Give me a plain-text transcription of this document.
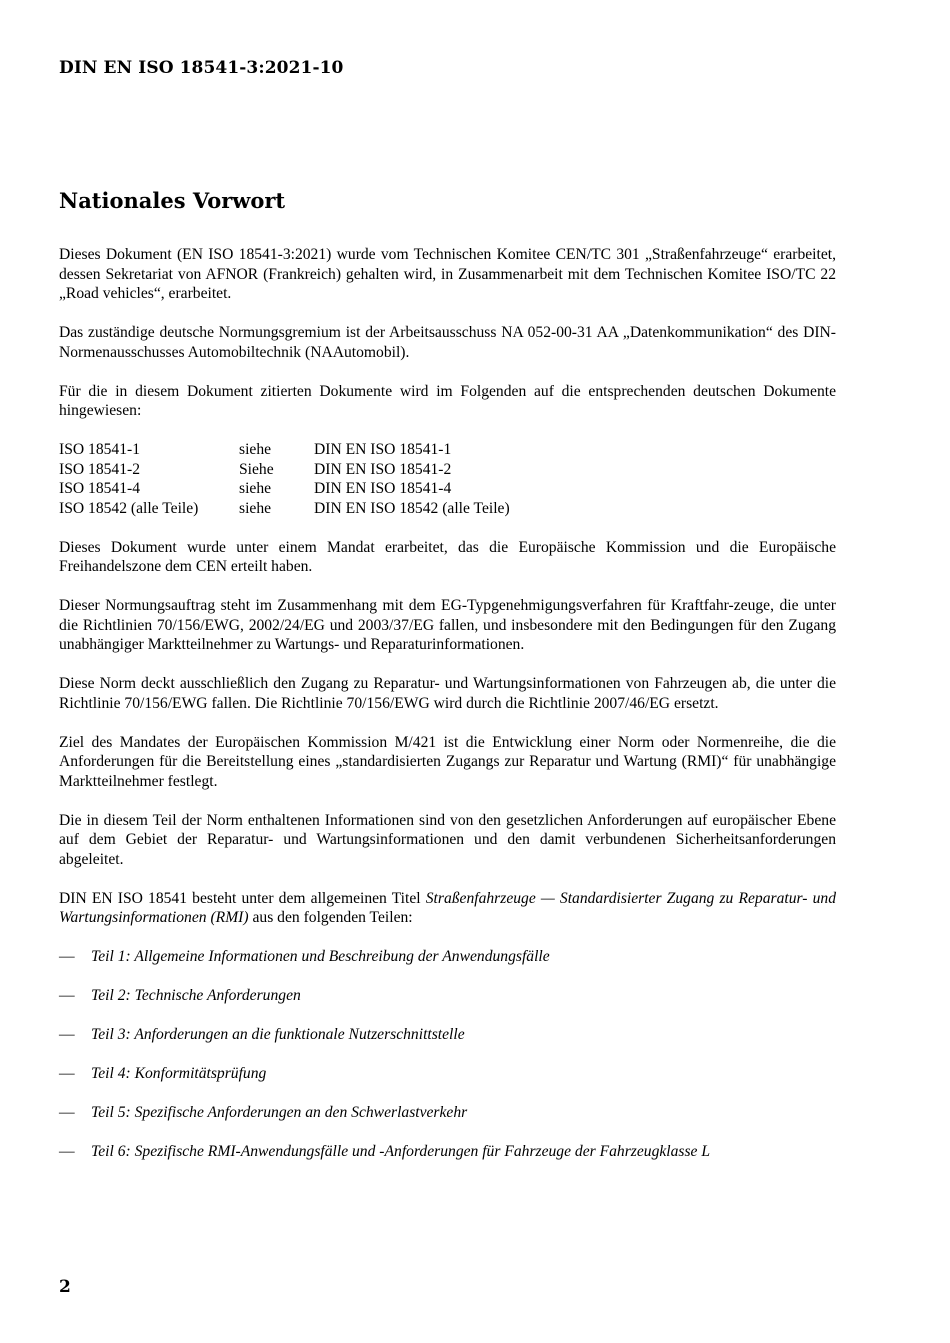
DIN EN ISO 18541-3:2021-10
Nationales Vorwort

Dieses Dokument (EN ISO 18541-3:2021) wurde vom Technischen Komitee CEN/TC 301 „Straßenfahrzeuge“ erarbeitet, dessen Sekretariat von AFNOR (Frankreich) gehalten wird, in Zusammenarbeit mit dem Technischen Komitee ISO/TC 22 „Road vehicles“, erarbeitet.

Das zuständige deutsche Normungsgremium ist der Arbeitsausschuss NA 052-00-31 AA „Datenkommunikation“ des DIN-Normenausschusses Automobiltechnik (NAAutomobil).

Für die in diesem Dokument zitierten Dokumente wird im Folgenden auf die entsprechenden deutschen Dokumente hingewiesen:

ISO 18541-1	siehe	DIN EN ISO 18541-1
ISO 18541-2	Siehe	DIN EN ISO 18541-2
ISO 18541-4	siehe	DIN EN ISO 18541-4
ISO 18542 (alle Teile)	siehe	DIN EN ISO 18542 (alle Teile)

Dieses Dokument wurde unter einem Mandat erarbeitet, das die Europäische Kommission und die Europäische Freihandelszone dem CEN erteilt haben.

Dieser Normungsauftrag steht im Zusammenhang mit dem EG-Typgenehmigungsverfahren für Kraftfahr-zeuge, die unter die Richtlinien 70/156/EWG, 2002/24/EG und 2003/37/EG fallen, und insbesondere mit den Bedingungen für den Zugang unabhängiger Marktteilnehmer zu Wartungs- und Reparaturinformationen.

Diese Norm deckt ausschließlich den Zugang zu Reparatur- und Wartungsinformationen von Fahrzeugen ab, die unter die Richtlinie 70/156/EWG fallen. Die Richtlinie 70/156/EWG wird durch die Richtlinie 2007/46/EG ersetzt.

Ziel des Mandates der Europäischen Kommission M/421 ist die Entwicklung einer Norm oder Normenreihe, die die Anforderungen für die Bereitstellung eines „standardisierten Zugangs zur Reparatur und Wartung (RMI)“ für unabhängige Marktteilnehmer festlegt.

Die in diesem Teil der Norm enthaltenen Informationen sind von den gesetzlichen Anforderungen auf europäischer Ebene auf dem Gebiet der Reparatur- und Wartungsinformationen und den damit verbundenen Sicherheitsanforderungen abgeleitet.

DIN EN ISO 18541 besteht unter dem allgemeinen Titel Straßenfahrzeuge — Standardisierter Zugang zu Reparatur- und Wartungsinformationen (RMI) aus den folgenden Teilen:

— Teil 1: Allgemeine Informationen und Beschreibung der Anwendungsfälle
— Teil 2: Technische Anforderungen
— Teil 3: Anforderungen an die funktionale Nutzerschnittstelle
— Teil 4: Konformitätsprüfung
— Teil 5: Spezifische Anforderungen an den Schwerlastverkehr
— Teil 6: Spezifische RMI-Anwendungsfälle und -Anforderungen für Fahrzeuge der Fahrzeugklasse L
2
